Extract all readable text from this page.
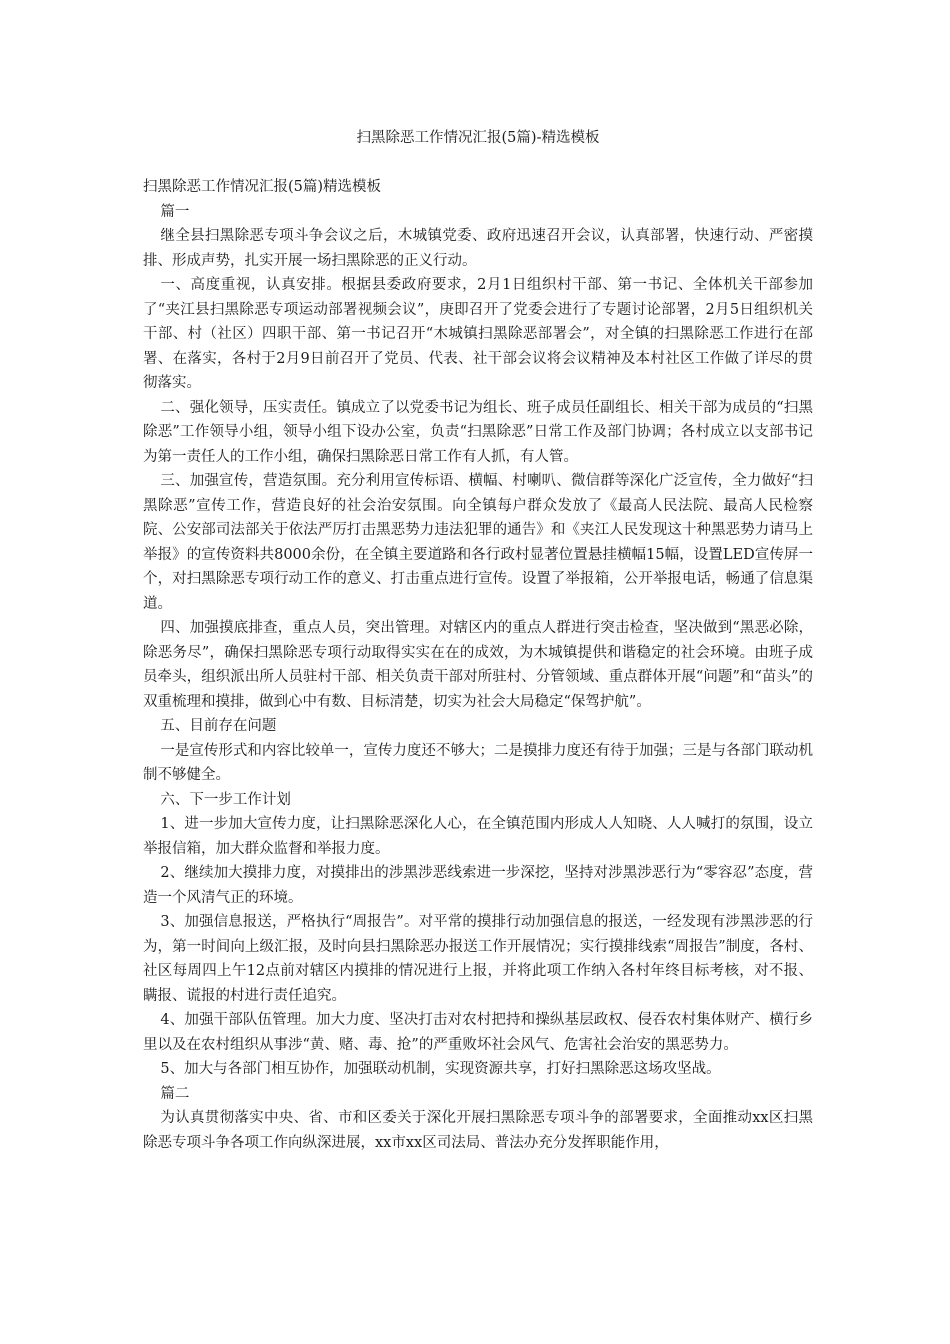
扫黑除恶工作情况汇报(5篇)-精选模板

扫黑除恶工作情况汇报(5篇)精选模板

篇一

继全县扫黑除恶专项斗争会议之后，木城镇党委、政府迅速召开会议，认真部署，快速行动、严密摸排、形成声势，扎实开展一场扫黑除恶的正义行动。

一、高度重视，认真安排。根据县委政府要求，2月1日组织村干部、第一书记、全体机关干部参加了“夹江县扫黑除恶专项运动部署视频会议”，庚即召开了党委会进行了专题讨论部署，2月5日组织机关干部、村（社区）四职干部、第一书记召开“木城镇扫黑除恶部署会”，对全镇的扫黑除恶工作进行在部署、在落实，各村于2月9日前召开了党员、代表、社干部会议将会议精神及本村社区工作做了详尽的贯彻落实。

二、强化领导，压实责任。镇成立了以党委书记为组长、班子成员任副组长、相关干部为成员的“扫黑除恶”工作领导小组，领导小组下设办公室，负责“扫黑除恶”日常工作及部门协调；各村成立以支部书记为第一责任人的工作小组，确保扫黑除恶日常工作有人抓，有人管。

三、加强宣传，营造氛围。充分利用宣传标语、横幅、村喇叭、微信群等深化广泛宣传，全力做好“扫黑除恶”宣传工作，营造良好的社会治安氛围。向全镇每户群众发放了《最高人民法院、最高人民检察院、公安部司法部关于依法严厉打击黑恶势力违法犯罪的通告》和《夹江人民发现这十种黑恶势力请马上举报》的宣传资料共8000余份，在全镇主要道路和各行政村显著位置悬挂横幅15幅，设置LED宣传屏一个，对扫黑除恶专项行动工作的意义、打击重点进行宣传。设置了举报箱，公开举报电话，畅通了信息渠道。

四、加强摸底排查，重点人员，突出管理。对辖区内的重点人群进行突击检查，坚决做到“黑恶必除，除恶务尽”，确保扫黑除恶专项行动取得实实在在的成效，为木城镇提供和谐稳定的社会环境。由班子成员牵头，组织派出所人员驻村干部、相关负责干部对所驻村、分管领域、重点群体开展“问题”和“苗头”的双重梳理和摸排，做到心中有数、目标清楚，切实为社会大局稳定“保驾护航”。

五、目前存在问题

一是宣传形式和内容比较单一，宣传力度还不够大；二是摸排力度还有待于加强；三是与各部门联动机制不够健全。

六、下一步工作计划

1、进一步加大宣传力度，让扫黑除恶深化人心，在全镇范围内形成人人知晓、人人喊打的氛围，设立举报信箱，加大群众监督和举报力度。

2、继续加大摸排力度，对摸排出的涉黑涉恶线索进一步深挖，坚持对涉黑涉恶行为“零容忍”态度，营造一个风清气正的环境。

3、加强信息报送，严格执行“周报告”。对平常的摸排行动加强信息的报送，一经发现有涉黑涉恶的行为，第一时间向上级汇报，及时向县扫黑除恶办报送工作开展情况；实行摸排线索“周报告”制度，各村、社区每周四上午12点前对辖区内摸排的情况进行上报，并将此项工作纳入各村年终目标考核，对不报、瞒报、谎报的村进行责任追究。

4、加强干部队伍管理。加大力度、坚决打击对农村把持和操纵基层政权、侵吞农村集体财产、横行乡里以及在农村组织从事涉“黄、赌、毒、抢”的严重败坏社会风气、危害社会治安的黑恶势力。

5、加大与各部门相互协作，加强联动机制，实现资源共享，打好扫黑除恶这场攻坚战。

篇二

为认真贯彻落实中央、省、市和区委关于深化开展扫黑除恶专项斗争的部署要求，全面推动xx区扫黑除恶专项斗争各项工作向纵深进展，xx市xx区司法局、普法办充分发挥职能作用，
